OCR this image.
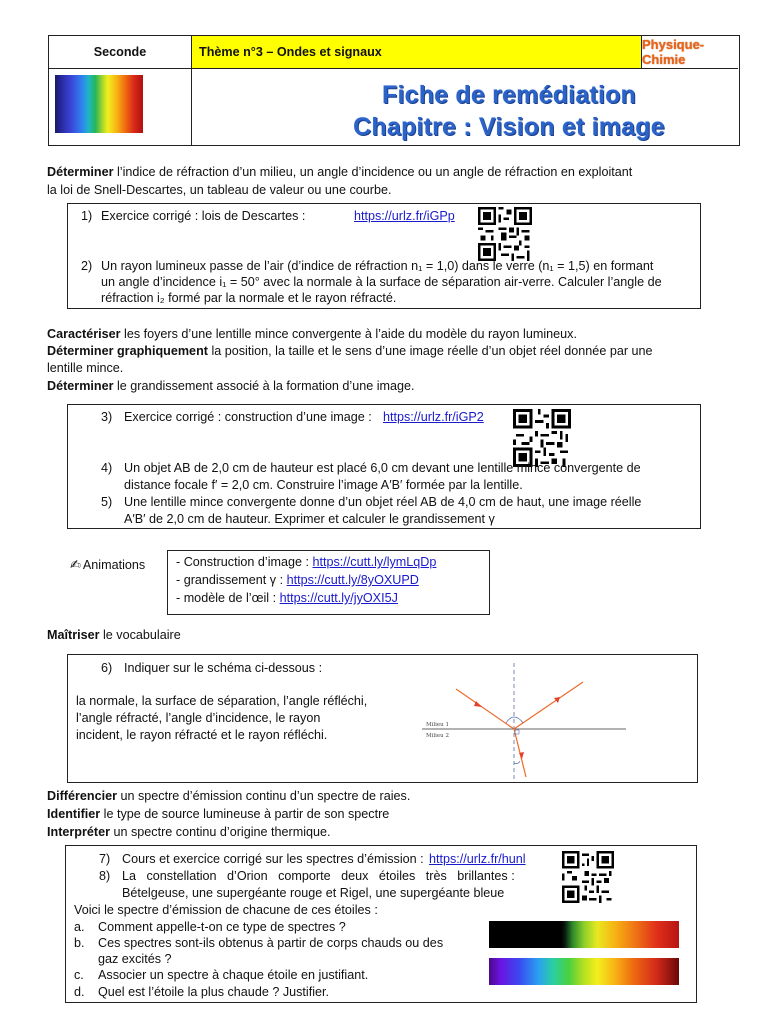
Seconde	Thème n°3 – Ondes et signaux	Physique-Chimie
Fiche de remédiation
Chapitre : Vision et image
Déterminer l’indice de réfraction d’un milieu, un angle d’incidence ou un angle de réfraction en exploitant
la loi de Snell-Descartes, un tableau de valeur ou une courbe.
1) Exercice corrigé : lois de Descartes :	https://urlz.fr/iGPp
2) Un rayon lumineux passe de l’air (d’indice de réfraction n₁ = 1,0) dans le verre (n₁ = 1,5) en formant
un angle d’incidence i₁ = 50° avec la normale à la surface de séparation air-verre. Calculer l’angle de
réfraction i₂ formé par la normale et le rayon réfracté.
Caractériser les foyers d’une lentille mince convergente à l’aide du modèle du rayon lumineux.
Déterminer graphiquement la position, la taille et le sens d’une image réelle d’un objet réel donnée par une
lentille mince.
Déterminer le grandissement associé à la formation d’une image.
3) Exercice corrigé : construction d’une image : https://urlz.fr/iGP2
4) Un objet AB de 2,0 cm de hauteur est placé 6,0 cm devant une lentille mince convergente de
distance focale f′ = 2,0 cm. Construire l’image A′B′ formée par la lentille.
5) Une lentille mince convergente donne d’un objet réel AB de 4,0 cm de haut, une image réelle
A′B′ de 2,0 cm de hauteur. Exprimer et calculer le grandissement γ
✍ Animations - Construction d’image : https://cutt.ly/lymLqDp
- grandissement γ : https://cutt.ly/8yOXUPD
- modèle de l’œil : https://cutt.ly/jyOXI5J
Maîtriser le vocabulaire
6) Indiquer sur le schéma ci-dessous :
la normale, la surface de séparation, l’angle réfléchi,
l’angle réfracté, l’angle d’incidence, le rayon
incident, le rayon réfracté et le rayon réfléchi.
Milieu 1
Milieu 2
Différencier un spectre d’émission continu d’un spectre de raies.
Identifier le type de source lumineuse à partir de son spectre
Interpréter un spectre continu d’origine thermique.
7) Cours et exercice corrigé sur les spectres d’émission : https://urlz.fr/hunl
8) La   constellation   d’Orion   comporte   deux   étoiles   très   brillantes :
Bételgeuse, une supergéante rouge et Rigel, une supergéante bleue
Voici le spectre d’émission de chacune de ces étoiles :
a. Comment appelle-t-on ce type de spectres ?
b. Ces spectres sont-ils obtenus à partir de corps chauds ou des
gaz excités ?
c. Associer un spectre à chaque étoile en justifiant.
d. Quel est l’étoile la plus chaude ? Justifier.
